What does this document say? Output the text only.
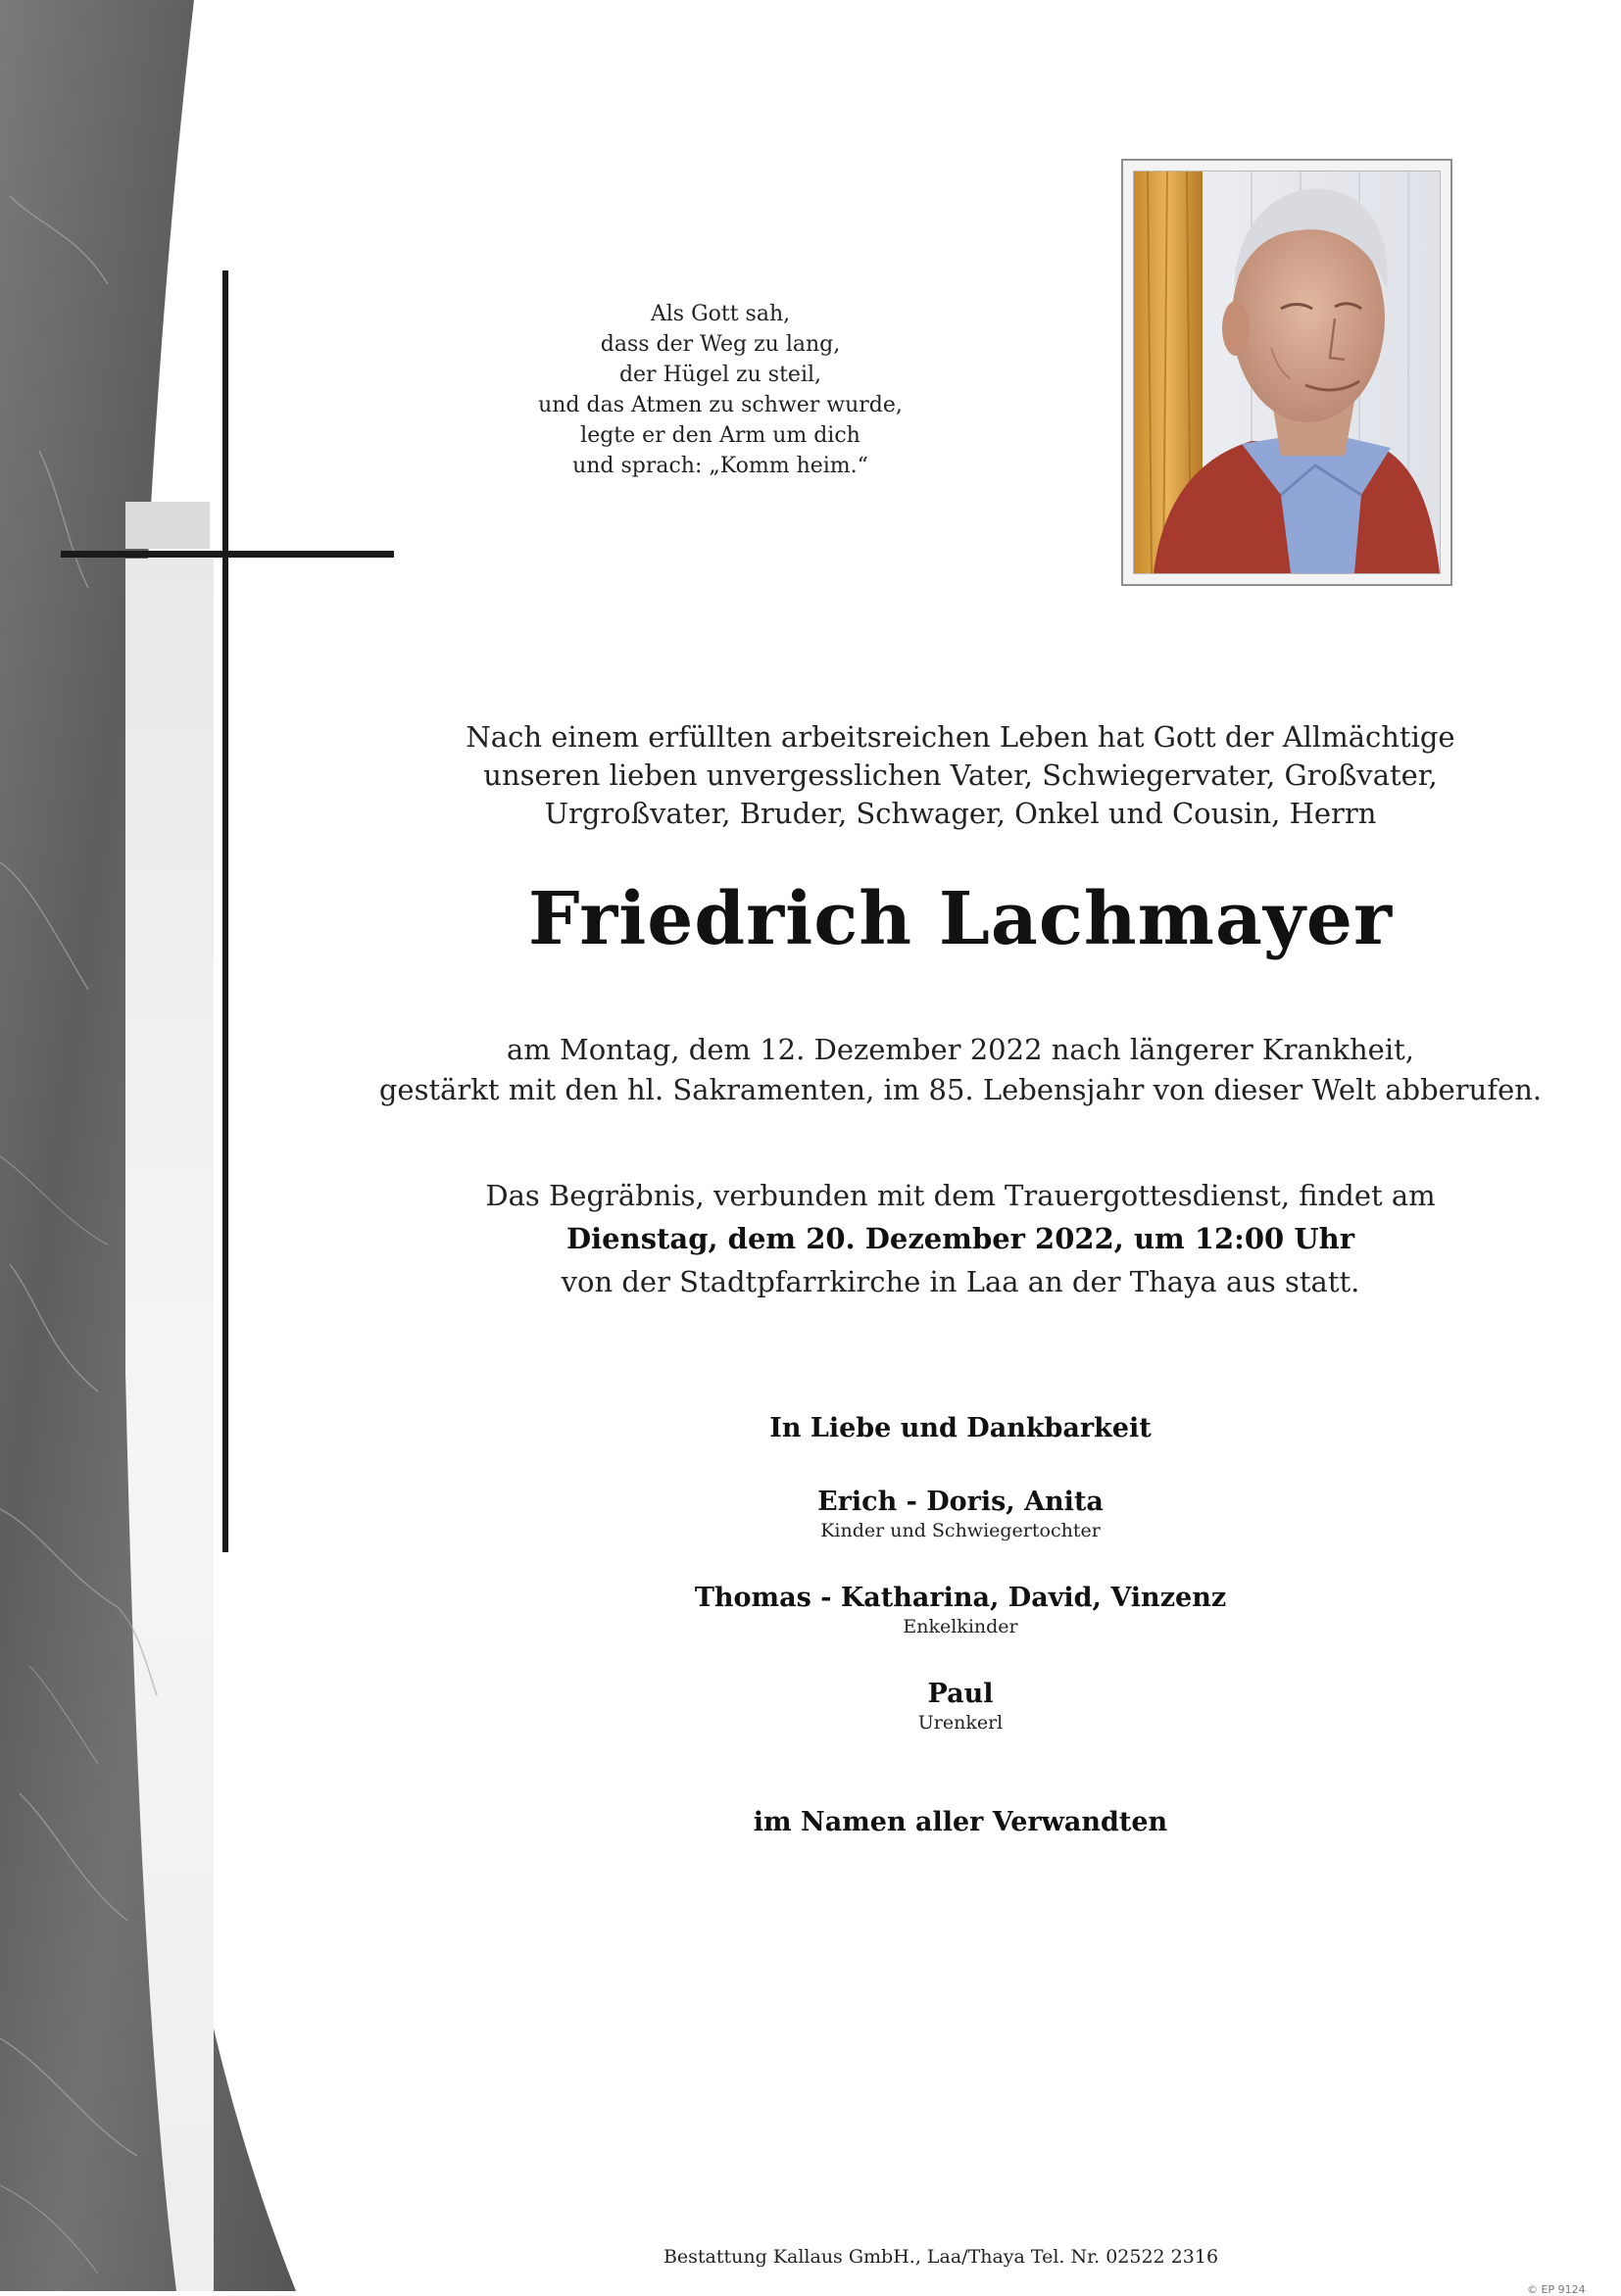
Als Gott sah,
dass der Weg zu lang,
der Hügel zu steil,
und das Atmen zu schwer wurde,
legte er den Arm um dich
und sprach: „Komm heim.“
Nach einem erfüllten arbeitsreichen Leben hat Gott der Allmächtige
unseren lieben unvergesslichen Vater, Schwiegervater, Großvater,
Urgroßvater, Bruder, Schwager, Onkel und Cousin, Herrn
Friedrich Lachmayer
am Montag, dem 12. Dezember 2022 nach längerer Krankheit,
gestärkt mit den hl. Sakramenten, im 85. Lebensjahr von dieser Welt abberufen.
Das Begräbnis, verbunden mit dem Trauergottesdienst, findet am
Dienstag, dem 20. Dezember 2022, um 12:00 Uhr
von der Stadtpfarrkirche in Laa an der Thaya aus statt.
In Liebe und Dankbarkeit
Erich - Doris, Anita
Kinder und Schwiegertochter
Thomas - Katharina, David, Vinzenz
Enkelkinder
Paul
Urenkerl
im Namen aller Verwandten
Bestattung Kallaus GmbH., Laa/Thaya Tel. Nr. 02522 2316
© EP 9124
